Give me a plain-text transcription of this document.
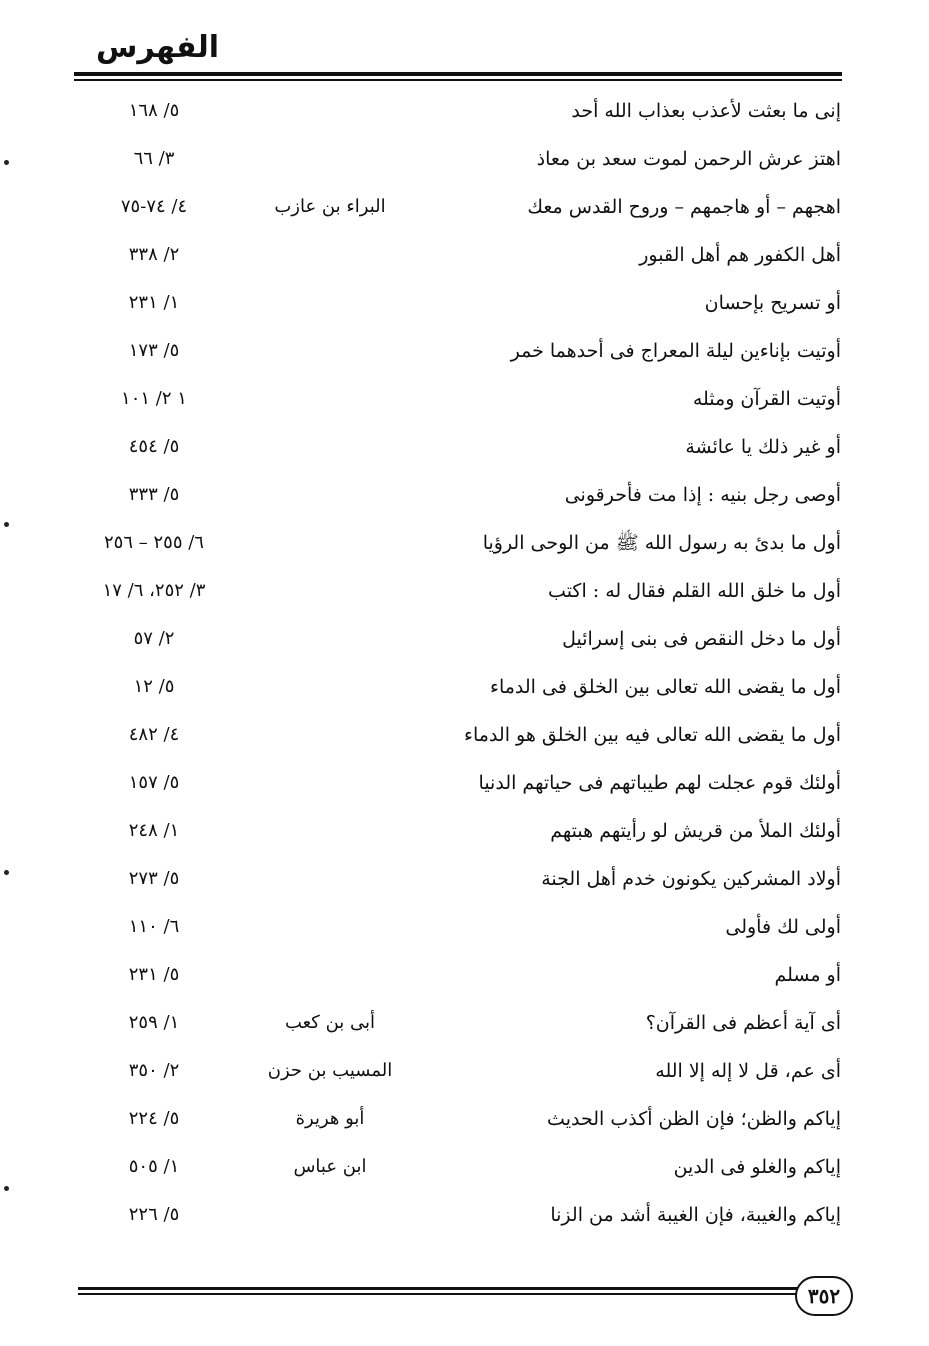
الفهرس
إنى ما بعثت لأعذب بعذاب الله أحد
٥/ ١٦٨
اهتز عرش الرحمن لموت سعد بن معاذ
٣/ ٦٦
اهجهم – أو هاجمهم – وروح القدس معك
البراء بن عازب
٤/ ٧٤-٧٥
أهل الكفور هم أهل القبور
٢/ ٣٣٨
أو تسريح بإحسان
١/ ٢٣١
أوتيت بإناءين ليلة المعراج فى أحدهما خمر
٥/ ١٧٣
أوتيت القرآن ومثله
١ ٢/ ١٠١
أو غير ذلك يا عائشة
٥/ ٤٥٤
أوصى رجل بنيه : إذا مت فأحرقونى
٥/ ٣٣٣
أول ما بدئ به رسول الله ﷺ من الوحى الرؤيا
٦/ ٢٥٥ – ٢٥٦
أول ما خلق الله القلم فقال له : اكتب
٣/ ٢٥٢، ٦/ ١٧
أول ما دخل النقص فى بنى إسرائيل
٢/ ٥٧
أول ما يقضى الله تعالى بين الخلق فى الدماء
٥/ ١٢
أول ما يقضى الله تعالى فيه بين الخلق هو الدماء
٤/ ٤٨٢
أولئك قوم عجلت لهم طيباتهم فى حياتهم الدنيا
٥/ ١٥٧
أولئك الملأ من قريش لو رأيتهم هبتهم
١/ ٢٤٨
أولاد المشركين يكونون خدم أهل الجنة
٥/ ٢٧٣
أولى لك فأولى
٦/ ١١٠
أو مسلم
٥/ ٢٣١
أى آية أعظم فى القرآن؟
أبى بن كعب
١/ ٢٥٩
أى عم، قل لا إله إلا الله
المسيب بن حزن
٢/ ٣٥٠
إياكم والظن؛ فإن الظن أكذب الحديث
أبو هريرة
٥/ ٢٢٤
إياكم والغلو فى الدين
ابن عباس
١/ ٥٠٥
إياكم والغيبة، فإن الغيبة أشد من الزنا
٥/ ٢٢٦
٣٥٢
